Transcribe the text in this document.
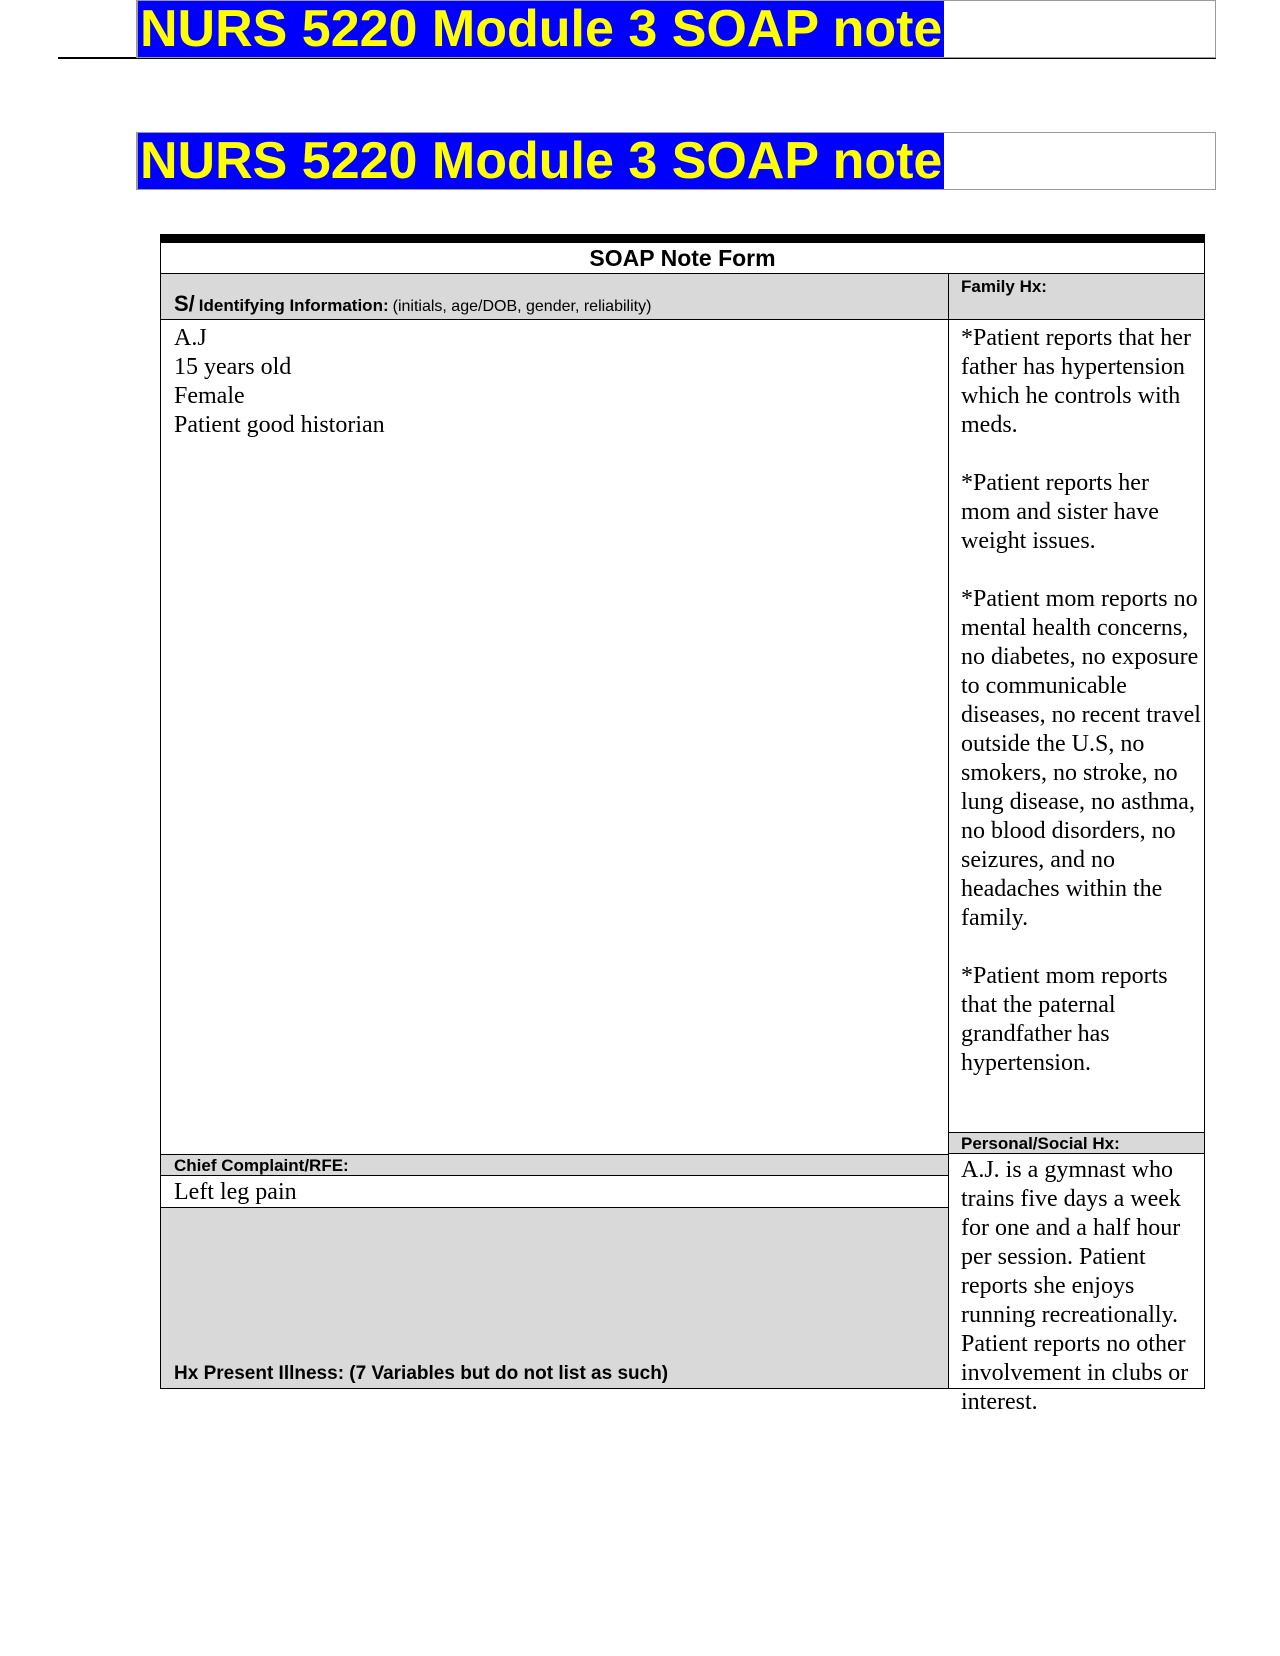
NURS 5220 Module 3 SOAP note
NURS 5220 Module 3 SOAP note
SOAP Note Form
S/ Identifying Information: (initials, age/DOB, gender, reliability)
A.J
15 years old
Female
Patient good historian
Chief Complaint/RFE:
Left leg pain
Hx Present Illness: (7 Variables but do not list as such)
Family Hx:

*Patient reports that her father has hypertension which he controls with meds.

*Patient reports her mom and sister have weight issues.

*Patient mom reports no mental health concerns, no diabetes, no exposure to communicable diseases, no recent travel outside the U.S, no smokers, no stroke, no lung disease, no asthma, no blood disorders, no seizures, and no headaches within the family.

*Patient mom reports that the paternal grandfather has hypertension.

Personal/Social Hx:

A.J. is a gymnast who trains five days a week for one and a half hour per session. Patient reports she enjoys running recreationally. Patient reports no other involvement in clubs or interest.
